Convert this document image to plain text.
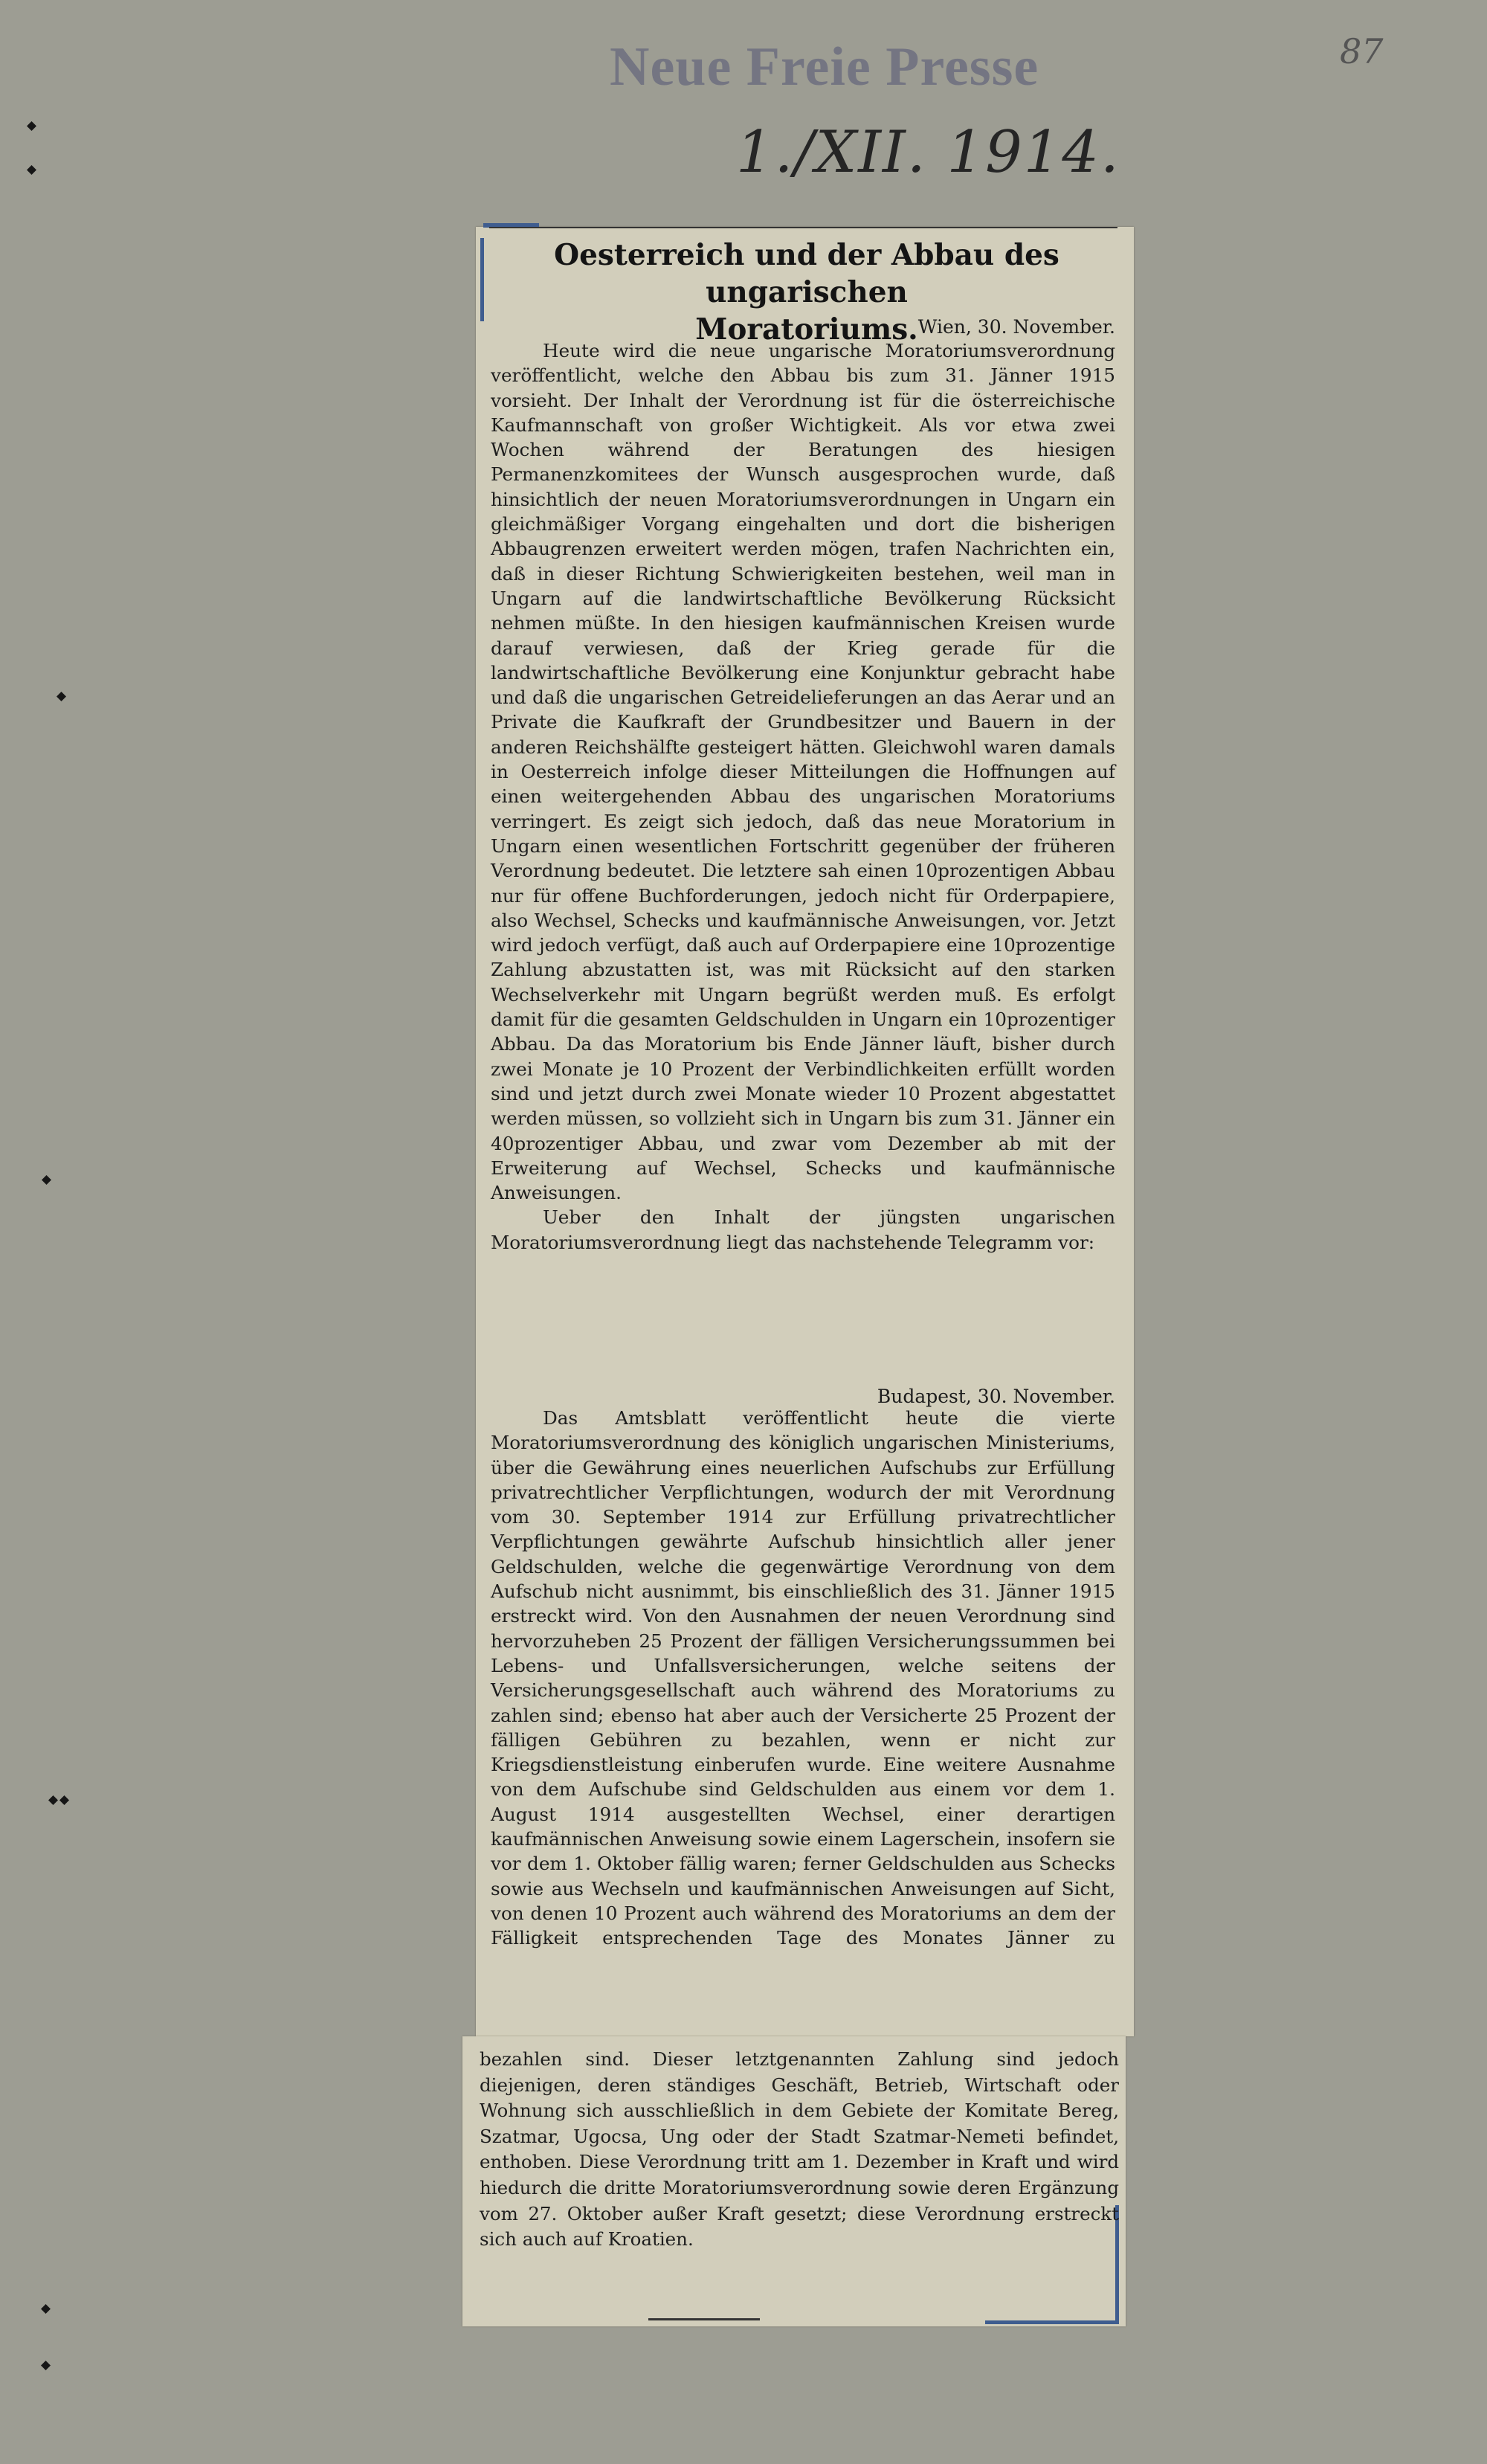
Neue Freie Presse	87
1./XII. 1914.
Oesterreich und der Abbau des ungarischen
Moratoriums. Wien, 30. November.

Heute wird die neue ungarische Moratoriumsverordnung veröffentlicht, welche den Abbau bis zum 31. Jänner 1915 vorsieht. Der Inhalt der Verordnung ist für die österreichische Kaufmannschaft von großer Wichtigkeit. Als vor etwa zwei Wochen während der Beratungen des hiesigen Permanenzkomitees der Wunsch ausgesprochen wurde, daß hinsichtlich der neuen Moratoriumsverordnungen in Ungarn ein gleichmäßiger Vorgang eingehalten und dort die bisherigen Abbaugrenzen erweitert werden mögen, trafen Nachrichten ein, daß in dieser Richtung Schwierigkeiten bestehen, weil man in Ungarn auf die landwirtschaftliche Bevölkerung Rücksicht nehmen müßte. In den hiesigen kaufmännischen Kreisen wurde darauf verwiesen, daß der Krieg gerade für die landwirtschaftliche Bevölkerung eine Konjunktur gebracht habe und daß die ungarischen Getreidelieferungen an das Aerar und an Private die Kaufkraft der Grundbesitzer und Bauern in der anderen Reichshälfte gesteigert hätten. Gleichwohl waren damals in Oesterreich infolge dieser Mitteilungen die Hoffnungen auf einen weitergehenden Abbau des ungarischen Moratoriums verringert. Es zeigt sich jedoch, daß das neue Moratorium in Ungarn einen wesentlichen Fortschritt gegenüber der früheren Verordnung bedeutet. Die letztere sah einen 10prozentigen Abbau nur für offene Buchforderungen, jedoch nicht für Orderpapiere, also Wechsel, Schecks und kaufmännische Anweisungen, vor. Jetzt wird jedoch verfügt, daß auch auf Orderpapiere eine 10prozentige Zahlung abzustatten ist, was mit Rücksicht auf den starken Wechselverkehr mit Ungarn begrüßt werden muß. Es erfolgt damit für die gesamten Geldschulden in Ungarn ein 10prozentiger Abbau. Da das Moratorium bis Ende Jänner läuft, bisher durch zwei Monate je 10 Prozent der Verbindlichkeiten erfüllt worden sind und jetzt durch zwei Monate wieder 10 Prozent abgestattet werden müssen, so vollzieht sich in Ungarn bis zum 31. Jänner ein 40prozentiger Abbau, und zwar vom Dezember ab mit der Erweiterung auf Wechsel, Schecks und kaufmännische Anweisungen.

Ueber den Inhalt der jüngsten ungarischen Moratoriumsverordnung liegt das nachstehende Telegramm vor:

Budapest, 30. November.

Das Amtsblatt veröffentlicht heute die vierte Moratoriumsverordnung des königlich ungarischen Ministeriums, über die Gewährung eines neuerlichen Aufschubs zur Erfüllung privatrechtlicher Verpflichtungen, wodurch der mit Verordnung vom 30. September 1914 zur Erfüllung privatrechtlicher Verpflichtungen gewährte Aufschub hinsichtlich aller jener Geldschulden, welche die gegenwärtige Verordnung von dem Aufschub nicht ausnimmt, bis einschließlich des 31. Jänner 1915 erstreckt wird. Von den Ausnahmen der neuen Verordnung sind hervorzuheben 25 Prozent der fälligen Versicherungssummen bei Lebens- und Unfallsversicherungen, welche seitens der Versicherungsgesellschaft auch während des Moratoriums zu zahlen sind; ebenso hat aber auch der Versicherte 25 Prozent der fälligen Gebühren zu bezahlen, wenn er nicht zur Kriegsdienstleistung einberufen wurde. Eine weitere Ausnahme von dem Aufschube sind Geldschulden aus einem vor dem 1. August 1914 ausgestellten Wechsel, einer derartigen kaufmännischen Anweisung sowie einem Lagerschein, insofern sie vor dem 1. Oktober fällig waren; ferner Geldschulden aus Schecks sowie aus Wechseln und kaufmännischen Anweisungen auf Sicht, von denen 10 Prozent auch während des Moratoriums an dem der Fälligkeit entsprechenden Tage des Monates Jänner zu

bezahlen sind. Dieser letztgenannten Zahlung sind jedoch diejenigen, deren ständiges Geschäft, Betrieb, Wirtschaft oder Wohnung sich ausschließlich in dem Gebiete der Komitate Bereg, Szatmar, Ugocsa, Ung oder der Stadt Szatmar-Nemeti befindet, enthoben. Diese Verordnung tritt am 1. Dezember in Kraft und wird hiedurch die dritte Moratoriumsverordnung sowie deren Ergänzung vom 27. Oktober außer Kraft gesetzt; diese Verordnung erstreckt sich auch auf Kroatien.
